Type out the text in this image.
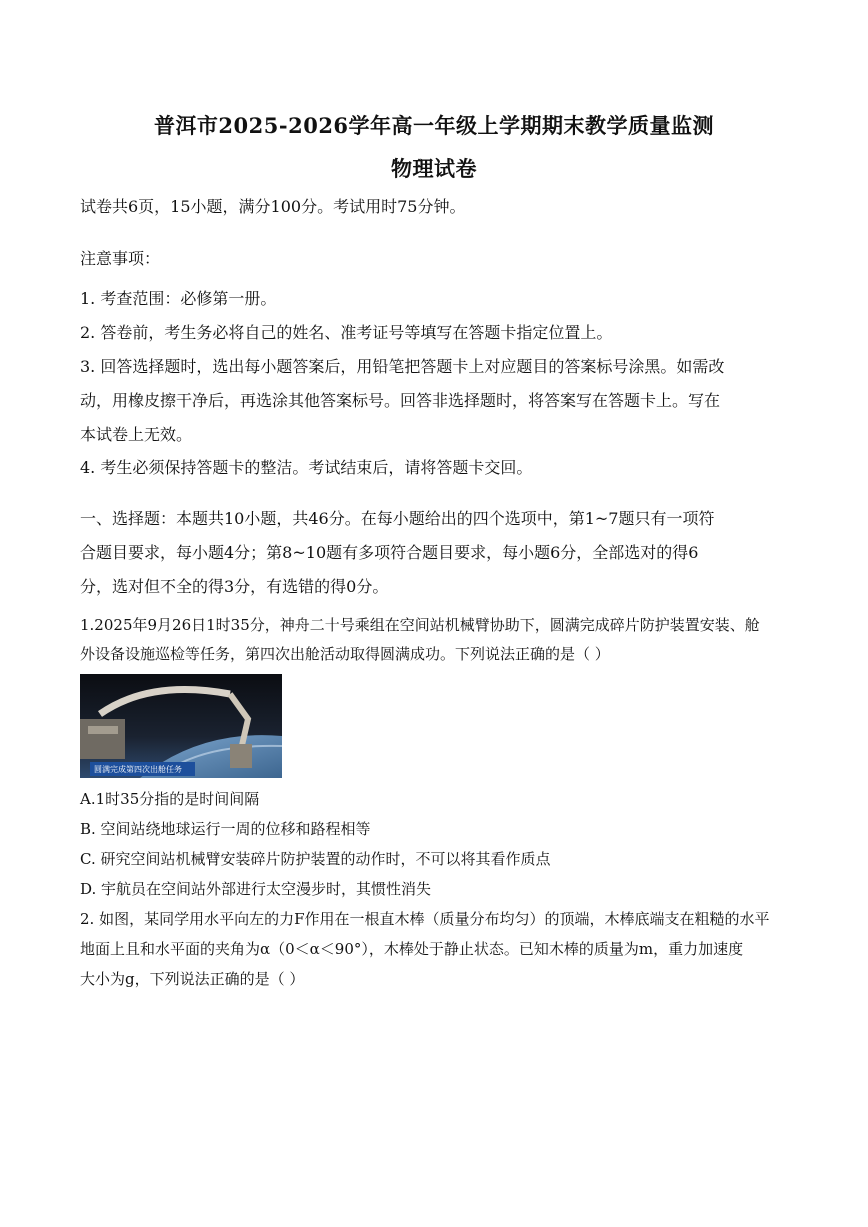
普洱市2025-2026学年高一年级上学期期末教学质量监测
物理试卷
试卷共6页，15小题，满分100分。考试用时75分钟。
注意事项：
1. 考查范围：必修第一册。
2. 答卷前，考生务必将自己的姓名、准考证号等填写在答题卡指定位置上。
3. 回答选择题时，选出每小题答案后，用铅笔把答题卡上对应题目的答案标号涂黑。如需改
动，用橡皮擦干净后，再选涂其他答案标号。回答非选择题时，将答案写在答题卡上。写在
本试卷上无效。
4. 考生必须保持答题卡的整洁。考试结束后，请将答题卡交回。
一、选择题：本题共10小题，共46分。在每小题给出的四个选项中，第1~7题只有一项符
合题目要求，每小题4分；第8~10题有多项符合题目要求，每小题6分，全部选对的得6
分，选对但不全的得3分，有选错的得0分。
1.2025年9月26日1时35分，神舟二十号乘组在空间站机械臂协助下，圆满完成碎片防护装置安装、舱
外设备设施巡检等任务，第四次出舱活动取得圆满成功。下列说法正确的是（ ）
圆满完成第四次出舱任务
A.1时35分指的是时间间隔
B. 空间站绕地球运行一周的位移和路程相等
C. 研究空间站机械臂安装碎片防护装置的动作时，不可以将其看作质点
D. 宇航员在空间站外部进行太空漫步时，其惯性消失
2. 如图，某同学用水平向左的力F作用在一根直木棒（质量分布均匀）的顶端，木棒底端支在粗糙的水平
地面上且和水平面的夹角为α（0＜α＜90°），木棒处于静止状态。已知木棒的质量为m，重力加速度
大小为g，下列说法正确的是（ ）
